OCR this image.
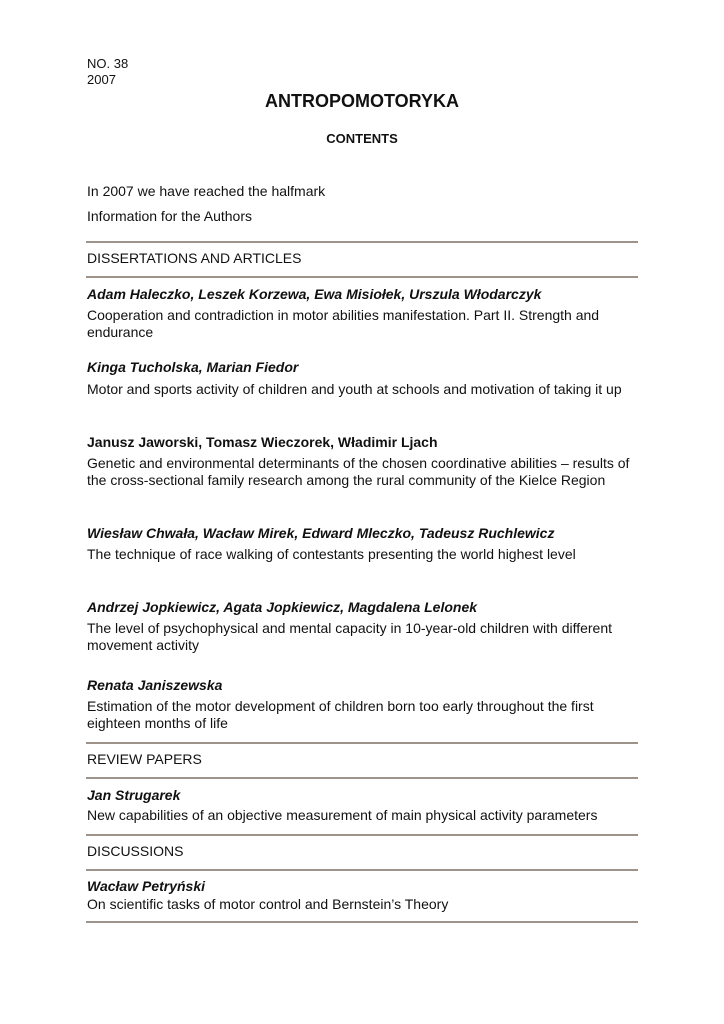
NO. 38
2007
ANTROPOMOTORYKA
CONTENTS
In 2007 we have reached the halfmark
Information for the Authors
DISSERTATIONS AND ARTICLES
Adam Haleczko, Leszek Korzewa, Ewa Misiołek, Urszula Włodarczyk
Cooperation and contradiction in motor abilities manifestation. Part II. Strength and endurance
Kinga Tucholska, Marian Fiedor
Motor and sports activity of children and youth at schools and motivation of taking it up
Janusz Jaworski, Tomasz Wieczorek, Władimir Ljach
Genetic and environmental determinants of the chosen coordinative abilities – results of the cross-sectional family research among the rural community of the Kielce Region
Wiesław Chwała, Wacław Mirek, Edward Mleczko, Tadeusz Ruchlewicz
The technique of race walking of contestants presenting the world highest level
Andrzej Jopkiewicz, Agata Jopkiewicz, Magdalena Lelonek
The level of psychophysical and mental capacity in 10-year-old children with different movement activity
Renata Janiszewska
Estimation of the motor development of children born too early throughout the first eighteen months of life
REVIEW PAPERS
Jan Strugarek
New capabilities of an objective measurement of main physical activity parameters
DISCUSSIONS
Wacław Petryński
On scientific tasks of motor control and Bernstein’s Theory
